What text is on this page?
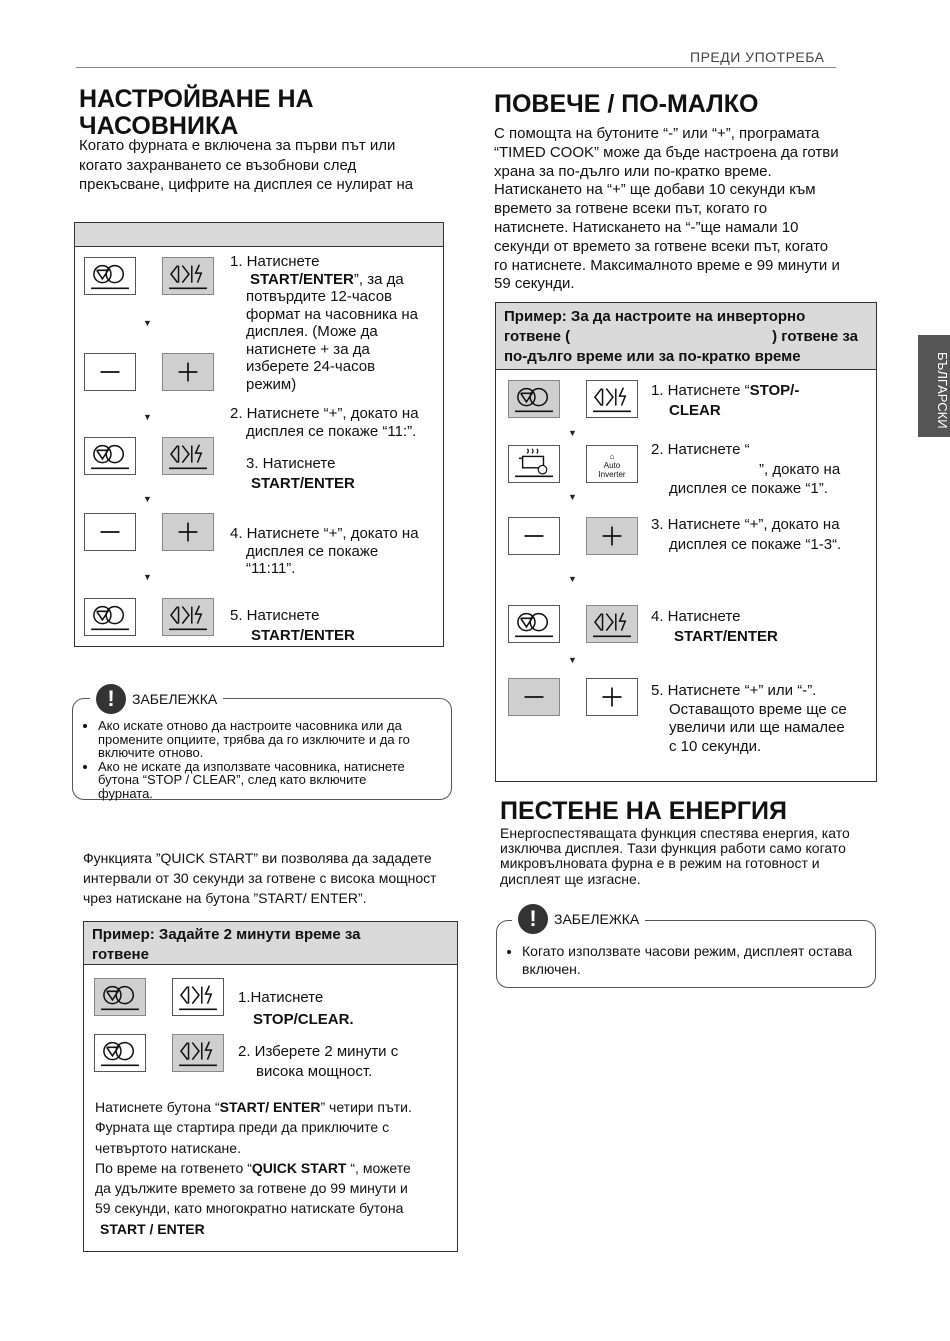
ПРЕДИ УПОТРЕБА
БЪЛГАРСКИ
НАСТРОЙВАНЕ НА
ЧАСОВНИКА
Когато фурната е включена за първи път или
когато захранването се възобнови след
прекъсване, цифрите на дисплея се нулират на
▼
▼
▼
▼
1. Натиснете
START/ENTER”, за да
потвърдите 12-часов
формат на часовника на
дисплея. (Може да
натиснете + за да
изберете 24-часов
режим)
2. Натиснете “+”, докато на
дисплея се покаже “11:”.
3. Натиснете
START/ENTER
4. Натиснете “+”, докато на
дисплея се покаже
“11:11”.
5. Натиснете
START/ENTER
!	ЗАБЕЛЕЖКА
• Ако искате отново да настроите часовника или да
промените опциите, трябва да го изключите и да го
включите отново.
• Ако не искате да използвате часовника, натиснете
бутона “STOP / CLEAR”, след като включите
фурната.
Функцията ”QUICK START” ви позволява да зададете
интервали от 30 секунди за готвене с висока мощност
чрез натискане на бутона ”START/ ENTER”.
Пример: Задайте 2 минути време за
готвене
1.Натиснете
STOP/CLEAR.
2. Изберете 2 минути с
висока мощност.
Натиснете бутона “START/ ENTER” четири пъти.
Фурната ще стартира преди да приключите с
четвъртото натискане.
По време на готвенето “QUICK START “, можете
да удължите времето за готвене до 99 минути и
59 секунди, като многократно натискате бутона
START / ENTER
ПОВЕЧЕ / ПО-МАЛКО
С помощта на бутоните “-” или “+”, програмата
“TIMED COOK” може да бъде настроена да готви
храна за по-дълго или по-кратко време.
Натискането на “+” ще добави 10 секунди към
времето за готвене всеки път, когато го
натиснете. Натискането на “-”ще намали 10
секунди от времето за готвене всеки път, когато
го натиснете. Максималното време е 99 минути и
59 секунди.
Пример: За да настроите на инверторно
готвене (	) готвене за
по-дълго време или за по-кратко време
▼
⌂
Auto
Inverter
▼
▼
▼
1. Натиснете “STOP/-
CLEAR
2. Натиснете “
”, докато на
дисплея се покаже “1”.
3. Натиснете “+”, докато на
дисплея се покаже “1-3“.
4. Натиснете
START/ENTER
5. Натиснете “+” или “-”.
Оставащото време ще се
увеличи или ще намалее
с 10 секунди.
ПЕСТЕНЕ НА ЕНЕРГИЯ
Енергоспестяващата функция спестява енергия, като
изключва дисплея. Тази функция работи само когато
микровълновата фурна е в режим на готовност и
дисплеят ще изгасне.
!	ЗАБЕЛЕЖКА
• Когато използвате часови режим, дисплеят остава
включен.
